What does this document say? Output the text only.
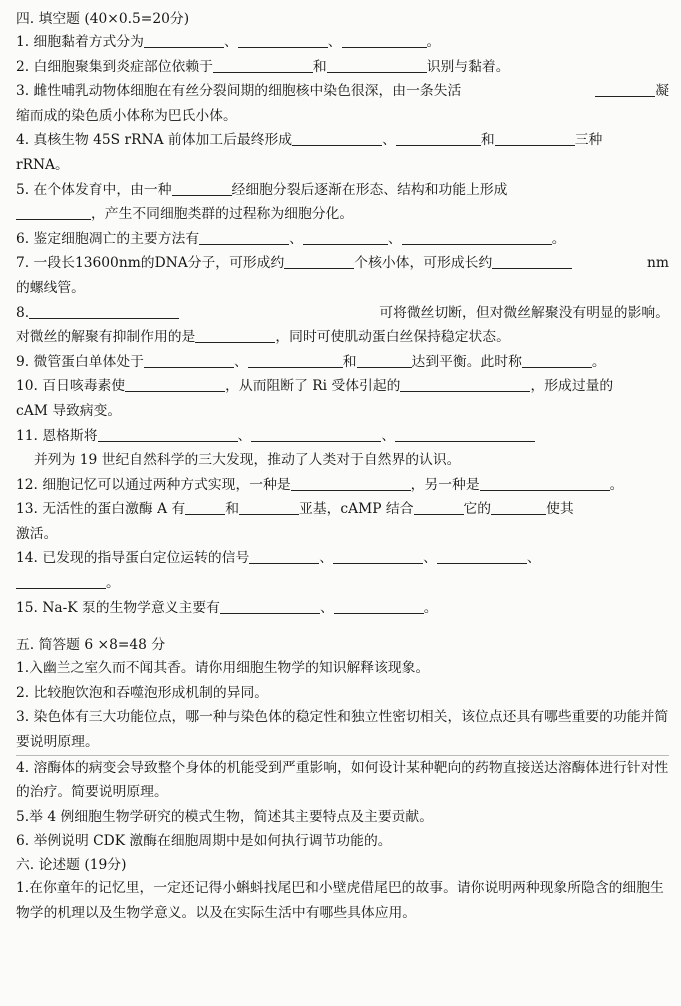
四. 填空题 (40×0.5=20分)
1. 细胞黏着方式分为	、	、	。
2. 白细胞聚集到炎症部位依赖于	和	识别与黏着。
3. 雌性哺乳动物体细胞在有丝分裂间期的细胞核中染色很深，由一条失活	凝
缩而成的染色质小体称为巴氏小体。
4. 真核生物 45S rRNA 前体加工后最终形成	、	和	三种
rRNA。
5. 在个体发育中，由一种	经细胞分裂后逐渐在形态、结构和功能上形成
，产生不同细胞类群的过程称为细胞分化。
6. 鉴定细胞凋亡的主要方法有	、	、	。
7. 一段长13600nm的DNA分子，可形成约	个核小体，可形成长约	nm
的螺线管。
8.	可将微丝切断，但对微丝解聚没有明显的影响。
对微丝的解聚有抑制作用的是	，同时可使肌动蛋白丝保持稳定状态。
9. 微管蛋白单体处于	、	和	达到平衡。此时称	。
10. 百日咳毒素使	，从而阻断了 Ri 受体引起的	，形成过量的
cAM 导致病变。
11. 恩格斯将	、	、
并列为 19 世纪自然科学的三大发现，推动了人类对于自然界的认识。
12. 细胞记忆可以通过两种方式实现，一种是	，另一种是	。
13. 无活性的蛋白激酶 A 有	和	亚基，cAMP 结合	它的	使其
激活。
14. 已发现的指导蛋白定位运转的信号	、	、	、
。
15. Na-K 泵的生物学意义主要有	、	。
五. 简答题 6 ×8=48 分
1.入幽兰之室久而不闻其香。请你用细胞生物学的知识解释该现象。
2. 比较胞饮泡和吞噬泡形成机制的异同。
3. 染色体有三大功能位点，哪一种与染色体的稳定性和独立性密切相关，该位点还具有哪些重要的功能并简要说明原理。
4. 溶酶体的病变会导致整个身体的机能受到严重影响，如何设计某种靶向的药物直接送达溶酶体进行针对性的治疗。简要说明原理。
5.举 4 例细胞生物学研究的模式生物，简述其主要特点及主要贡献。
6. 举例说明 CDK 激酶在细胞周期中是如何执行调节功能的。
六. 论述题 (19分)
1.在你童年的记忆里，一定还记得小蝌蚪找尾巴和小壁虎借尾巴的故事。请你说明两种现象所隐含的细胞生物学的机理以及生物学意义。以及在实际生活中有哪些具体应用。
